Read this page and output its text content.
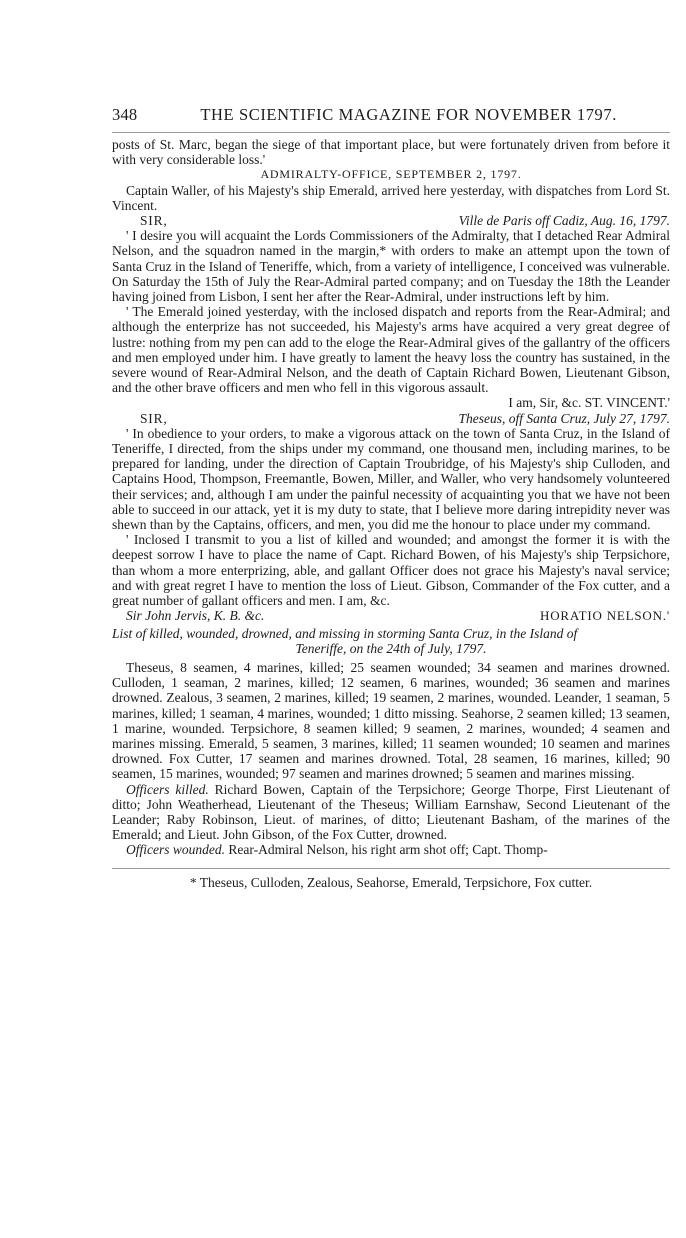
348	THE SCIENTIFIC MAGAZINE FOR NOVEMBER 1797.

posts of St. Marc, began the siege of that important place, but were fortunately driven from before it with very considerable loss.'

ADMIRALTY-OFFICE, SEPTEMBER 2, 1797.

Captain Waller, of his Majesty's ship Emerald, arrived here yesterday, with dispatches from Lord St. Vincent.

SIR,	Ville de Paris off Cadiz, Aug. 16, 1797.

' I desire you will acquaint the Lords Commissioners of the Admiralty, that I detached Rear Admiral Nelson, and the squadron named in the margin,* with orders to make an attempt upon the town of Santa Cruz in the Island of Teneriffe, which, from a variety of intelligence, I conceived was vulnerable. On Saturday the 15th of July the Rear-Admiral parted company; and on Tuesday the 18th the Leander having joined from Lisbon, I sent her after the Rear-Admiral, under instructions left by him.

' The Emerald joined yesterday, with the inclosed dispatch and reports from the Rear-Admiral; and although the enterprize has not succeeded, his Majesty's arms have acquired a very great degree of lustre: nothing from my pen can add to the eloge the Rear-Admiral gives of the gallantry of the officers and men employed under him. I have greatly to lament the heavy loss the country has sustained, in the severe wound of Rear-Admiral Nelson, and the death of Captain Richard Bowen, Lieutenant Gibson, and the other brave officers and men who fell in this vigorous assault.

I am, Sir, &c. ST. VINCENT.'
SIR,	Theseus, off Santa Cruz, July 27, 1797.

' In obedience to your orders, to make a vigorous attack on the town of Santa Cruz, in the Island of Teneriffe, I directed, from the ships under my command, one thousand men, including marines, to be prepared for landing, under the direction of Captain Troubridge, of his Majesty's ship Culloden, and Captains Hood, Thompson, Freemantle, Bowen, Miller, and Waller, who very handsomely volunteered their services; and, although I am under the painful necessity of acquainting you that we have not been able to succeed in our attack, yet it is my duty to state, that I believe more daring intrepidity never was shewn than by the Captains, officers, and men, you did me the honour to place under my command.

' Inclosed I transmit to you a list of killed and wounded; and amongst the former it is with the deepest sorrow I have to place the name of Capt. Richard Bowen, of his Majesty's ship Terpsichore, than whom a more enterprizing, able, and gallant Officer does not grace his Majesty's naval service; and with great regret I have to mention the loss of Lieut. Gibson, Commander of the Fox cutter, and a great number of gallant officers and men. I am, &c.

Sir John Jervis, K. B. &c.	HORATIO NELSON.'
List of killed, wounded, drowned, and missing in storming Santa Cruz, in the Island of
Teneriffe, on the 24th of July, 1797.

Theseus, 8 seamen, 4 marines, killed; 25 seamen wounded; 34 seamen and marines drowned. Culloden, 1 seaman, 2 marines, killed; 12 seamen, 6 marines, wounded; 36 seamen and marines drowned. Zealous, 3 seamen, 2 marines, killed; 19 seamen, 2 marines, wounded. Leander, 1 seaman, 5 marines, killed; 1 seaman, 4 marines, wounded; 1 ditto missing. Seahorse, 2 seamen killed; 13 seamen, 1 marine, wounded. Terpsichore, 8 seamen killed; 9 seamen, 2 marines, wounded; 4 seamen and marines missing. Emerald, 5 seamen, 3 marines, killed; 11 seamen wounded; 10 seamen and marines drowned. Fox Cutter, 17 seamen and marines drowned. Total, 28 seamen, 16 marines, killed; 90 seamen, 15 marines, wounded; 97 seamen and marines drowned; 5 seamen and marines missing.

Officers killed. Richard Bowen, Captain of the Terpsichore; George Thorpe, First Lieutenant of ditto; John Weatherhead, Lieutenant of the Theseus; William Earnshaw, Second Lieutenant of the Leander; Raby Robinson, Lieut. of marines, of ditto; Lieutenant Basham, of the marines of the Emerald; and Lieut. John Gibson, of the Fox Cutter, drowned.

Officers wounded. Rear-Admiral Nelson, his right arm shot off; Capt. Thomp-

* Theseus, Culloden, Zealous, Seahorse, Emerald, Terpsichore, Fox cutter.
